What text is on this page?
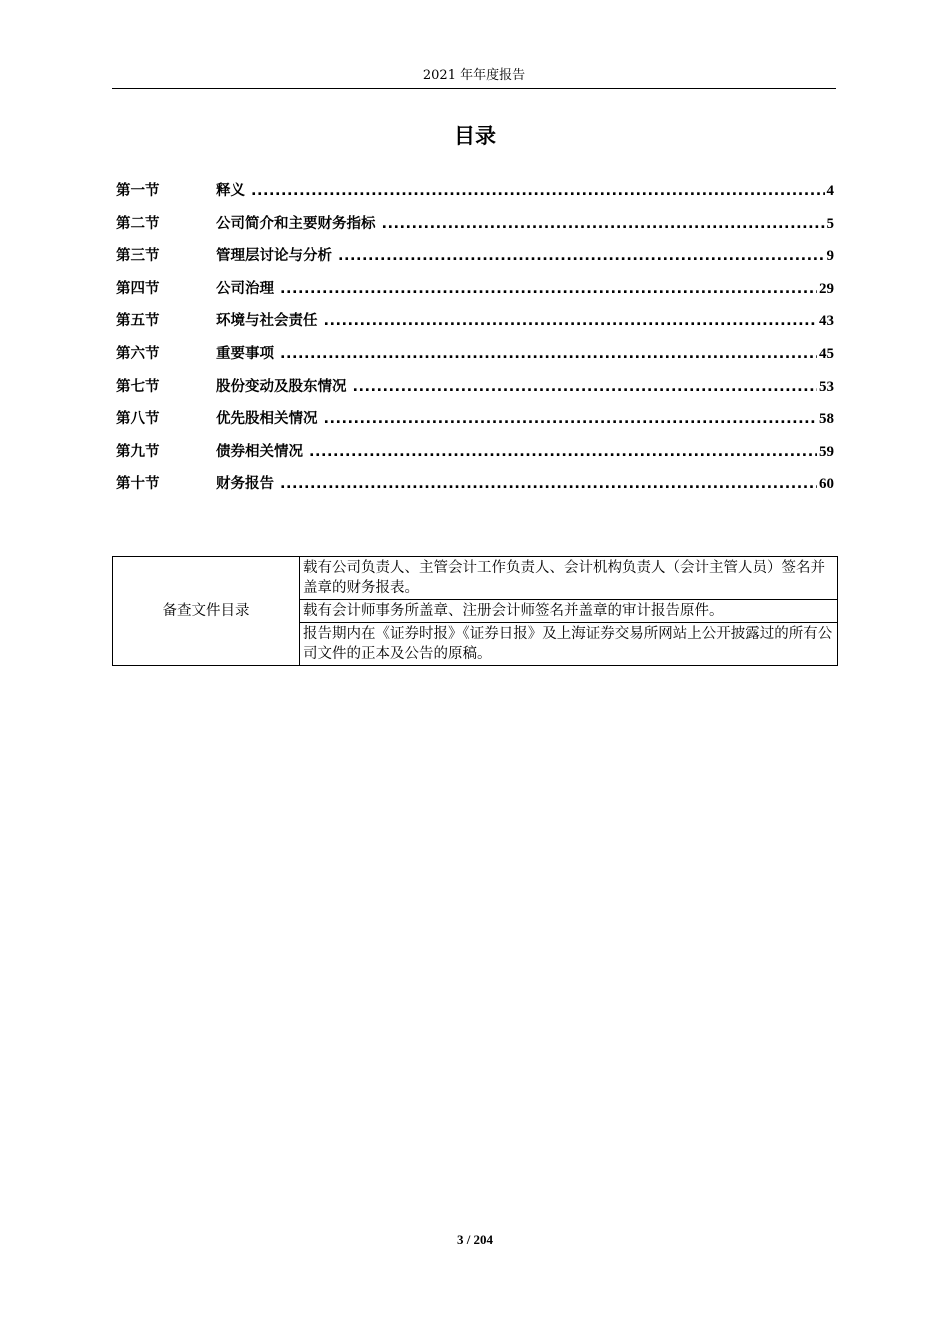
2021 年年度报告
目录
第一节	释义 .....	4
第二节	公司简介和主要财务指标 .....	5
第三节	管理层讨论与分析 .....	9
第四节	公司治理 .....	29
第五节	环境与社会责任 .....	43
第六节	重要事项 .....	45
第七节	股份变动及股东情况 .....	53
第八节	优先股相关情况 .....	58
第九节	债券相关情况 .....	59
第十节	财务报告 .....	60
备查文件目录	载有公司负责人、主管会计工作负责人、会计机构负责人（会计主管人员）签名并盖章的财务报表。
载有会计师事务所盖章、注册会计师签名并盖章的审计报告原件。
报告期内在《证券时报》《证券日报》及上海证券交易所网站上公开披露过的所有公司文件的正本及公告的原稿。
3 / 204
